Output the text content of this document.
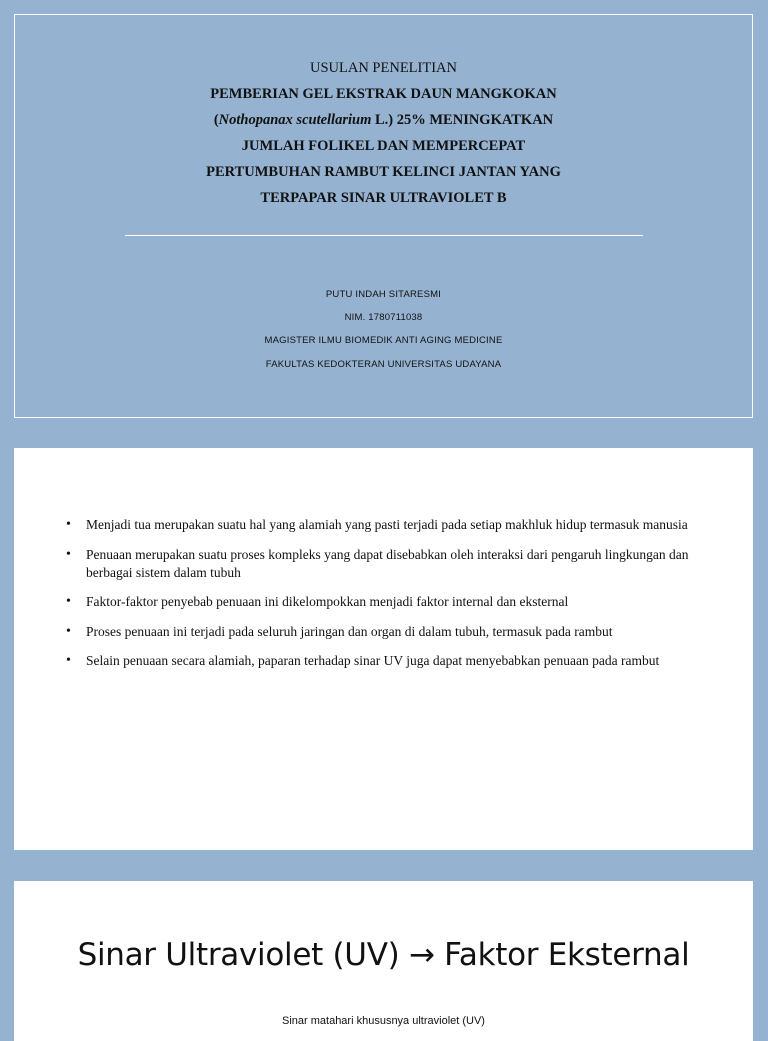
USULAN PENELITIAN
PEMBERIAN GEL EKSTRAK DAUN MANGKOKAN
(Nothopanax scutellarium L.) 25% MENINGKATKAN
JUMLAH FOLIKEL DAN MEMPERCEPAT
PERTUMBUHAN RAMBUT KELINCI JANTAN YANG
TERPAPAR SINAR ULTRAVIOLET B
PUTU INDAH SITARESMI
NIM. 1780711038
MAGISTER ILMU BIOMEDIK ANTI AGING MEDICINE
FAKULTAS KEDOKTERAN UNIVERSITAS UDAYANA
• Menjadi tua merupakan suatu hal yang alamiah yang pasti terjadi pada setiap makhluk hidup termasuk manusia
• Penuaan merupakan suatu proses kompleks yang dapat disebabkan oleh interaksi dari pengaruh lingkungan dan berbagai sistem dalam tubuh
• Faktor-faktor penyebab penuaan ini dikelompokkan menjadi faktor internal dan eksternal
• Proses penuaan ini terjadi pada seluruh jaringan dan organ di dalam tubuh, termasuk pada rambut
• Selain penuaan secara alamiah, paparan terhadap sinar UV juga dapat menyebabkan penuaan pada rambut
Sinar Ultraviolet (UV) → Faktor Eksternal
Sinar matahari khususnya ultraviolet (UV)
